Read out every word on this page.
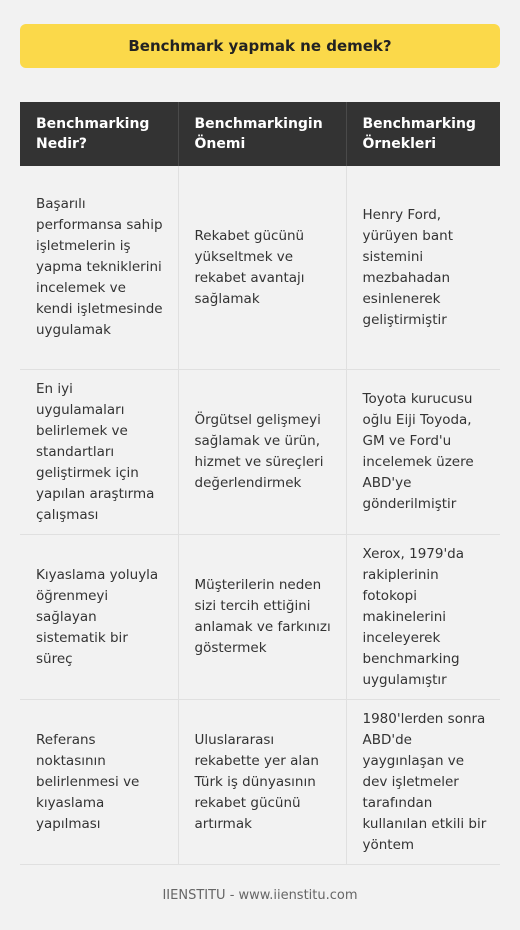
Benchmark yapmak ne demek?
Benchmarking Nedir?	Benchmarkingin Önemi	Benchmarking Örnekleri

Başarılı performansa sahip işletmelerin iş yapma tekniklerini incelemek ve kendi işletmesinde uygulamak	Rekabet gücünü yükseltmek ve rekabet avantajı sağlamak	Henry Ford, yürüyen bant sistemini mezbahadan esinlenerek geliştirmiştir

En iyi uygulamaları belirlemek ve standartları geliştirmek için yapılan araştırma çalışması	Örgütsel gelişmeyi sağlamak ve ürün, hizmet ve süreçleri değerlendirmek	Toyota kurucusu oğlu Eiji Toyoda, GM ve Ford'u incelemek üzere ABD'ye gönderilmiştir

Kıyaslama yoluyla öğrenmeyi sağlayan sistematik bir süreç	Müşterilerin neden sizi tercih ettiğini anlamak ve farkınızı göstermek	Xerox, 1979'da rakiplerinin fotokopi makinelerini inceleyerek benchmarking uygulamıştır

Referans noktasının belirlenmesi ve kıyaslama yapılması	Uluslararası rekabette yer alan Türk iş dünyasının rekabet gücünü artırmak	1980'lerden sonra ABD'de yaygınlaşan ve dev işletmeler tarafından kullanılan etkili bir yöntem
IIENSTITU - www.iienstitu.com
